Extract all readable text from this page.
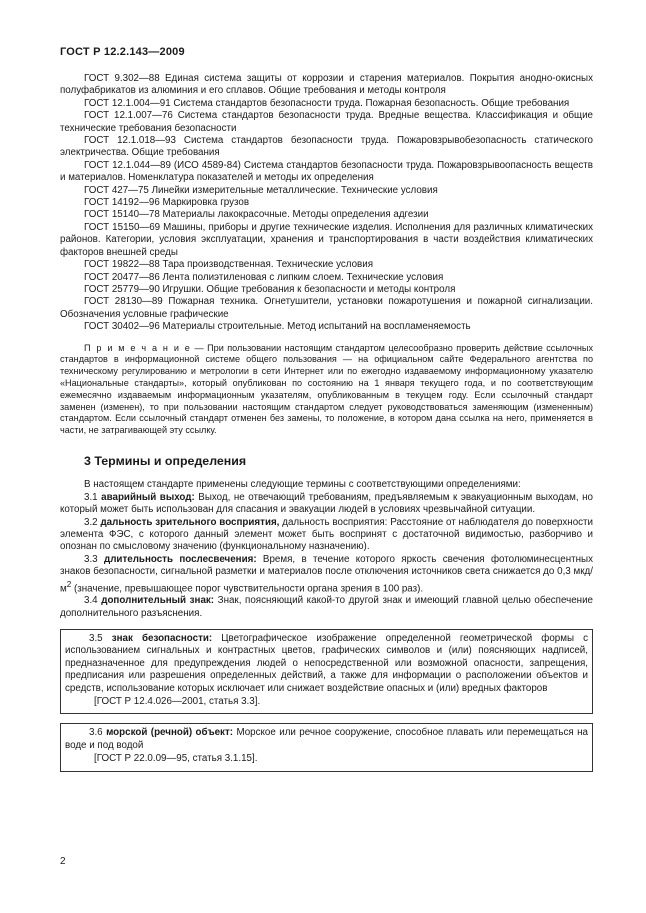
ГОСТ Р 12.2.143—2009

ГОСТ 9.302—88 Единая система защиты от коррозии и старения материалов. Покрытия анодно-окисных полуфабрикатов из алюминия и его сплавов. Общие требования и методы контроля

ГОСТ 12.1.004—91 Система стандартов безопасности труда. Пожарная безопасность. Общие требования

ГОСТ 12.1.007—76 Система стандартов безопасности труда. Вредные вещества. Классификация и общие технические требования безопасности

ГОСТ 12.1.018—93 Система стандартов безопасности труда. Пожаровзрывобезопасность статического электричества. Общие требования

ГОСТ 12.1.044—89 (ИСО 4589-84) Система стандартов безопасности труда. Пожаровзрывоопасность веществ и материалов. Номенклатура показателей и методы их определения

ГОСТ 427—75 Линейки измерительные металлические. Технические условия

ГОСТ 14192—96 Маркировка грузов

ГОСТ 15140—78 Материалы лакокрасочные. Методы определения адгезии

ГОСТ 15150—69 Машины, приборы и другие технические изделия. Исполнения для различных климатических районов. Категории, условия эксплуатации, хранения и транспортирования в части воздействия климатических факторов внешней среды

ГОСТ 19822—88 Тара производственная. Технические условия

ГОСТ 20477—86 Лента полиэтиленовая с липким слоем. Технические условия

ГОСТ 25779—90 Игрушки. Общие требования к безопасности и методы контроля

ГОСТ 28130—89 Пожарная техника. Огнетушители, установки пожаротушения и пожарной сигнализации. Обозначения условные графические

ГОСТ 30402—96 Материалы строительные. Метод испытаний на воспламеняемость

П р и м е ч а н и е — При пользовании настоящим стандартом целесообразно проверить действие ссылочных стандартов в информационной системе общего пользования — на официальном сайте Федерального агентства по техническому регулированию и метрологии в сети Интернет или по ежегодно издаваемому информационному указателю «Национальные стандарты», который опубликован по состоянию на 1 января текущего года, и по соответствующим ежемесячно издаваемым информационным указателям, опубликованным в текущем году. Если ссылочный стандарт заменен (изменен), то при пользовании настоящим стандартом следует руководствоваться заменяющим (измененным) стандартом. Если ссылочный стандарт отменен без замены, то положение, в котором дана ссылка на него, применяется в части, не затрагивающей эту ссылку.

3 Термины и определения

В настоящем стандарте применены следующие термины с соответствующими определениями:

3.1 аварийный выход: Выход, не отвечающий требованиям, предъявляемым к эвакуационным выходам, но который может быть использован для спасания и эвакуации людей в условиях чрезвычайной ситуации.

3.2 дальность зрительного восприятия, дальность восприятия: Расстояние от наблюдателя до поверхности элемента ФЭС, с которого данный элемент может быть воспринят с достаточной видимостью, разборчиво и опознан по смысловому значению (функциональному назначению).

3.3 длительность послесвечения: Время, в течение которого яркость свечения фотолюминесцентных знаков безопасности, сигнальной разметки и материалов после отключения источников света снижается до 0,3 мкд/$м^2$ (значение, превышающее порог чувствительности органа зрения в 100 раз).

3.4 дополнительный знак: Знак, поясняющий какой-то другой знак и имеющий главной целью обеспечение дополнительного разъяснения.

3.5 знак безопасности: Цветографическое изображение определенной геометрической формы с использованием сигнальных и контрастных цветов, графических символов и (или) поясняющих надписей, предназначенное для предупреждения людей о непосредственной или возможной опасности, запрещения, предписания или разрешения определенных действий, а также для информации о расположении объектов и средств, использование которых исключает или снижает воздействие опасных и (или) вредных факторов

[ГОСТ Р 12.4.026—2001, статья 3.3].

3.6 морской (речной) объект: Морское или речное сооружение, способное плавать или перемещаться на воде и под водой

[ГОСТ Р 22.0.09—95, статья 3.1.15].

2
